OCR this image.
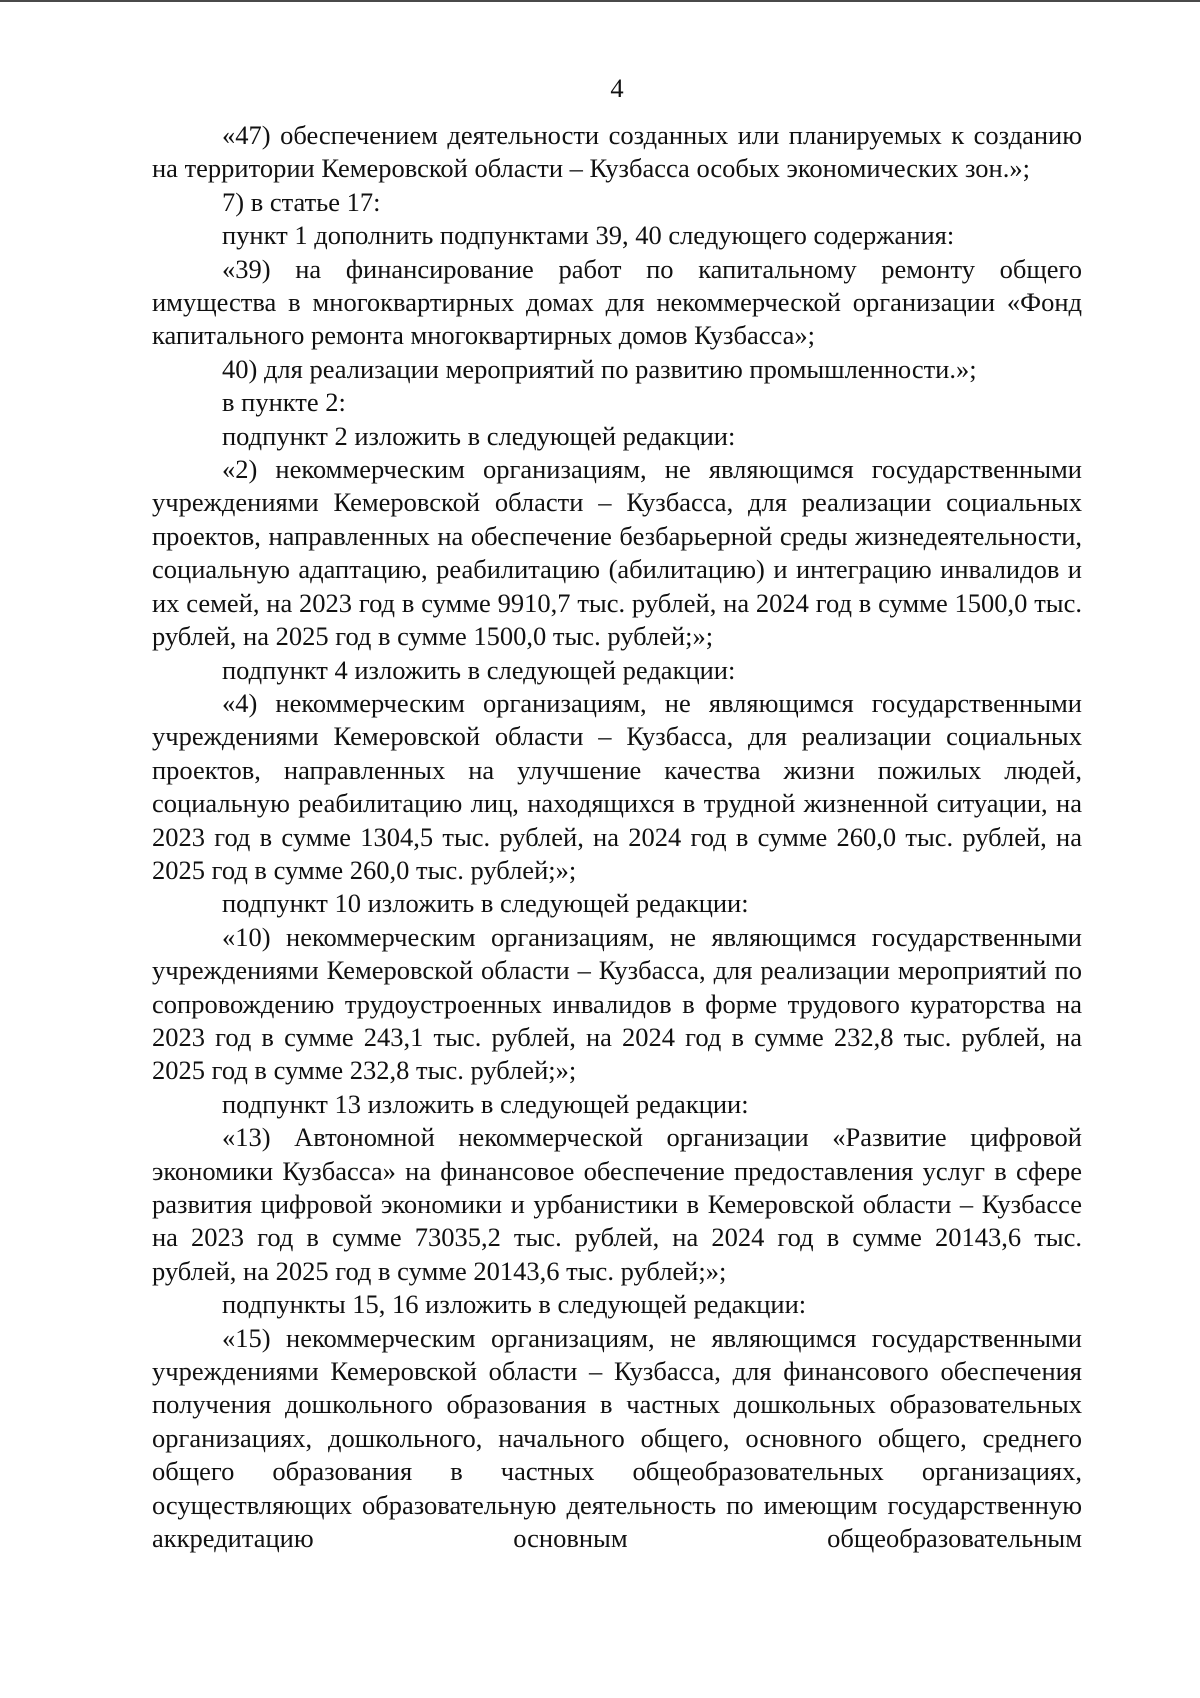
4

«47) обеспечением деятельности созданных или планируемых к созданию на территории Кемеровской области – Кузбасса особых экономических зон.»;

7) в статье 17:

пункт 1 дополнить подпунктами 39, 40 следующего содержания:

«39) на финансирование работ по капитальному ремонту общего имущества в многоквартирных домах для некоммерческой организации «Фонд капитального ремонта многоквартирных домов Кузбасса»;

40) для реализации мероприятий по развитию промышленности.»;

в пункте 2:

подпункт 2 изложить в следующей редакции:

«2) некоммерческим организациям, не являющимся государственными учреждениями Кемеровской области – Кузбасса, для реализации социальных проектов, направленных на обеспечение безбарьерной среды жизнедеятельности, социальную адаптацию, реабилитацию (абилитацию) и интеграцию инвалидов и их семей, на 2023 год в сумме 9910,7 тыс. рублей, на 2024 год в сумме 1500,0 тыс. рублей, на 2025 год в сумме 1500,0 тыс. рублей;»;

подпункт 4 изложить в следующей редакции:

«4) некоммерческим организациям, не являющимся государственными учреждениями Кемеровской области – Кузбасса, для реализации социальных проектов, направленных на улучшение качества жизни пожилых людей, социальную реабилитацию лиц, находящихся в трудной жизненной ситуации, на 2023 год в сумме 1304,5 тыс. рублей, на 2024 год в сумме 260,0 тыс. рублей, на 2025 год в сумме 260,0 тыс. рублей;»;

подпункт 10 изложить в следующей редакции:

«10) некоммерческим организациям, не являющимся государственными учреждениями Кемеровской области – Кузбасса, для реализации мероприятий по сопровождению трудоустроенных инвалидов в форме трудового кураторства на 2023 год в сумме 243,1 тыс. рублей, на 2024 год в сумме 232,8 тыс. рублей, на 2025 год в сумме 232,8 тыс. рублей;»;

подпункт 13 изложить в следующей редакции:

«13) Автономной некоммерческой организации «Развитие цифровой экономики Кузбасса» на финансовое обеспечение предоставления услуг в сфере развития цифровой экономики и урбанистики в Кемеровской области – Кузбассе на 2023 год в сумме 73035,2 тыс. рублей, на 2024 год в сумме 20143,6 тыс. рублей, на 2025 год в сумме 20143,6 тыс. рублей;»;

подпункты 15, 16 изложить в следующей редакции:

«15) некоммерческим организациям, не являющимся государственными учреждениями Кемеровской области – Кузбасса, для финансового обеспечения получения дошкольного образования в частных дошкольных образовательных организациях, дошкольного, начального общего, основного общего, среднего общего образования в частных общеобразовательных организациях, осуществляющих образовательную деятельность по имеющим государственную аккредитацию основным общеобразовательным
